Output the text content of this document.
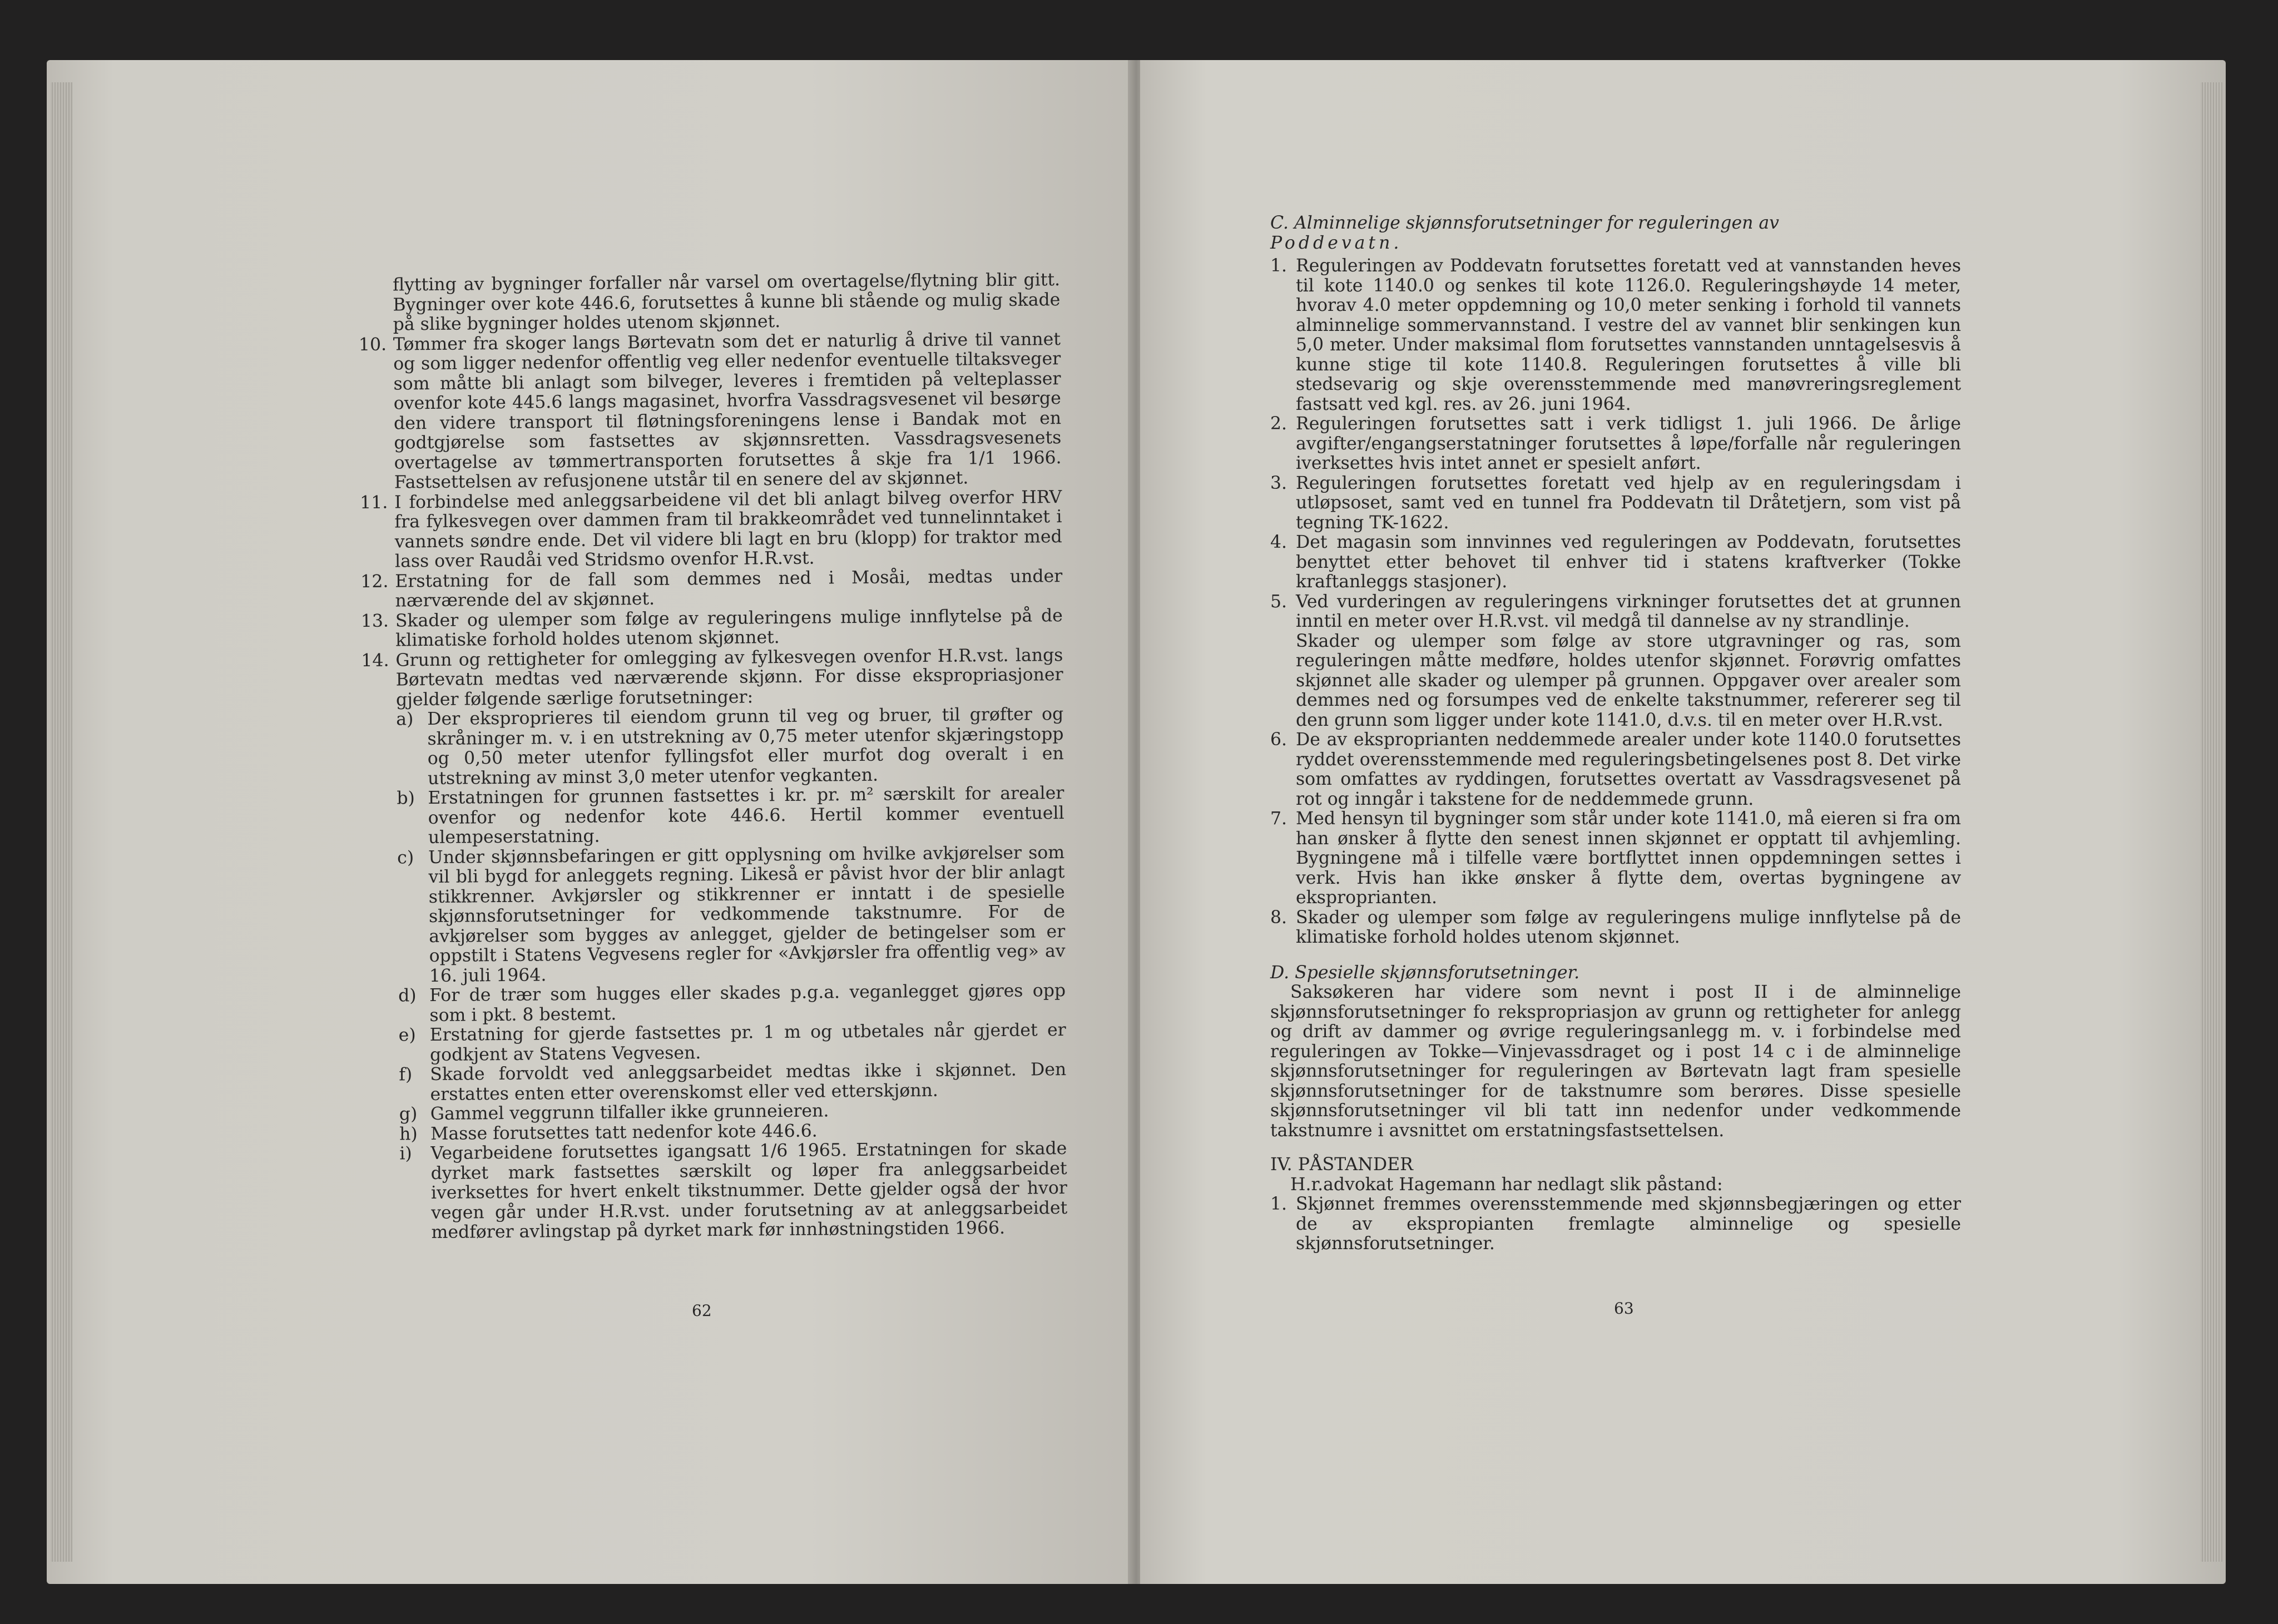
flytting av bygninger forfaller når varsel om overtagelse/flytning blir gitt. Bygninger over kote 446.6, forutsettes å kunne bli stående og mulig skade på slike bygninger holdes utenom skjønnet.

10. Tømmer fra skoger langs Børtevatn som det er naturlig å drive til vannet og som ligger nedenfor offentlig veg eller nedenfor eventuelle tiltaksveger som måtte bli anlagt som bilveger, leveres i fremtiden på velteplasser ovenfor kote 445.6 langs magasinet, hvorfra Vassdragsvesenet vil besørge den videre transport til fløtningsforeningens lense i Bandak mot en godtgjørelse som fastsettes av skjønnsretten. Vassdragsvesenets overtagelse av tømmertransporten forutsettes å skje fra 1/1 1966. Fastsettelsen av refusjonene utstår til en senere del av skjønnet.

11. I forbindelse med anleggsarbeidene vil det bli anlagt bilveg overfor HRV fra fylkesvegen over dammen fram til brakkeområdet ved tunnelinntaket i vannets søndre ende. Det vil videre bli lagt en bru (klopp) for traktor med lass over Raudåi ved Stridsmo ovenfor H.R.vst.

12. Erstatning for de fall som demmes ned i Mosåi, medtas under nærværende del av skjønnet.

13. Skader og ulemper som følge av reguleringens mulige innflytelse på de klimatiske forhold holdes utenom skjønnet.

14. Grunn og rettigheter for omlegging av fylkesvegen ovenfor H.R.vst. langs Børtevatn medtas ved nærværende skjønn. For disse ekspropriasjoner gjelder følgende særlige forutsetninger:

a) Der eksproprieres til eiendom grunn til veg og bruer, til grøfter og skråninger m. v. i en utstrekning av 0,75 meter utenfor skjæringstopp og 0,50 meter utenfor fyllingsfot eller murfot dog overalt i en utstrekning av minst 3,0 meter utenfor vegkanten.

b) Erstatningen for grunnen fastsettes i kr. pr. m² særskilt for arealer ovenfor og nedenfor kote 446.6. Hertil kommer eventuell ulempeserstatning.

c) Under skjønnsbefaringen er gitt opplysning om hvilke avkjørelser som vil bli bygd for anleggets regning. Likeså er påvist hvor der blir anlagt stikkrenner. Avkjørsler og stikkrenner er inntatt i de spesielle skjønnsforutsetninger for vedkommende takstnumre. For de avkjørelser som bygges av anlegget, gjelder de betingelser som er oppstilt i Statens Vegvesens regler for «Avkjørsler fra offentlig veg» av 16. juli 1964.

d) For de trær som hugges eller skades p.g.a. veganlegget gjøres opp som i pkt. 8 bestemt.

e) Erstatning for gjerde fastsettes pr. 1 m og utbetales når gjerdet er godkjent av Statens Vegvesen.

f) Skade forvoldt ved anleggsarbeidet medtas ikke i skjønnet. Den erstattes enten etter overenskomst eller ved etterskjønn.

g) Gammel veggrunn tilfaller ikke grunneieren.

h) Masse forutsettes tatt nedenfor kote 446.6.

i) Vegarbeidene forutsettes igangsatt 1/6 1965. Erstatningen for skade dyrket mark fastsettes særskilt og løper fra anleggsarbeidet iverksettes for hvert enkelt tikstnummer. Dette gjelder også der hvor vegen går under H.R.vst. under forutsetning av at anleggsarbeidet medfører avlingstap på dyrket mark før innhøstningstiden 1966.

62

C. Alminnelige skjønnsforutsetninger for reguleringen av

Poddevatn.

1. Reguleringen av Poddevatn forutsettes foretatt ved at vannstanden heves til kote 1140.0 og senkes til kote 1126.0. Reguleringshøyde 14 meter, hvorav 4.0 meter oppdemning og 10,0 meter senking i forhold til vannets alminnelige sommervannstand. I vestre del av vannet blir senkingen kun 5,0 meter. Under maksimal flom forutsettes vannstanden unntagelsesvis å kunne stige til kote 1140.8. Reguleringen forutsettes å ville bli stedsevarig og skje overensstemmende med manøvreringsreglement fastsatt ved kgl. res. av 26. juni 1964.

2. Reguleringen forutsettes satt i verk tidligst 1. juli 1966. De årlige avgifter/engangserstatninger forutsettes å løpe/forfalle når reguleringen iverksettes hvis intet annet er spesielt anført.

3. Reguleringen forutsettes foretatt ved hjelp av en reguleringsdam i utløpsoset, samt ved en tunnel fra Poddevatn til Dråtetjern, som vist på tegning TK-1622.

4. Det magasin som innvinnes ved reguleringen av Poddevatn, forutsettes benyttet etter behovet til enhver tid i statens kraftverker (Tokke kraftanleggs stasjoner).

5. Ved vurderingen av reguleringens virkninger forutsettes det at grunnen inntil en meter over H.R.vst. vil medgå til dannelse av ny strandlinje.

Skader og ulemper som følge av store utgravninger og ras, som reguleringen måtte medføre, holdes utenfor skjønnet. Forøvrig omfattes skjønnet alle skader og ulemper på grunnen. Oppgaver over arealer som demmes ned og forsumpes ved de enkelte takstnummer, refererer seg til den grunn som ligger under kote 1141.0, d.v.s. til en meter over H.R.vst.

6. De av eksproprianten neddemmede arealer under kote 1140.0 forutsettes ryddet overensstemmende med reguleringsbetingelsenes post 8. Det virke som omfattes av ryddingen, forutsettes overtatt av Vassdragsvesenet på rot og inngår i takstene for de neddemmede grunn.

7. Med hensyn til bygninger som står under kote 1141.0, må eieren si fra om han ønsker å flytte den senest innen skjønnet er opptatt til avhjemling. Bygningene må i tilfelle være bortflyttet innen oppdemningen settes i verk. Hvis han ikke ønsker å flytte dem, overtas bygningene av eksproprianten.

8. Skader og ulemper som følge av reguleringens mulige innflytelse på de klimatiske forhold holdes utenom skjønnet.

D. Spesielle skjønnsforutsetninger.

Saksøkeren har videre som nevnt i post II i de alminnelige skjønnsforutsetninger fo rekspropriasjon av grunn og rettigheter for anlegg og drift av dammer og øvrige reguleringsanlegg m. v. i forbindelse med reguleringen av Tokke—Vinjevassdraget og i post 14 c i de alminnelige skjønnsforutsetninger for reguleringen av Børtevatn lagt fram spesielle skjønnsforutsetninger for de takstnumre som berøres. Disse spesielle skjønnsforutsetninger vil bli tatt inn nedenfor under vedkommende takstnumre i avsnittet om erstatningsfastsettelsen.

IV. PÅSTANDER

H.r.advokat Hagemann har nedlagt slik påstand:

1. Skjønnet fremmes overensstemmende med skjønnsbegjæringen og etter de av ekspropianten fremlagte alminnelige og spesielle skjønnsforutsetninger.

63
